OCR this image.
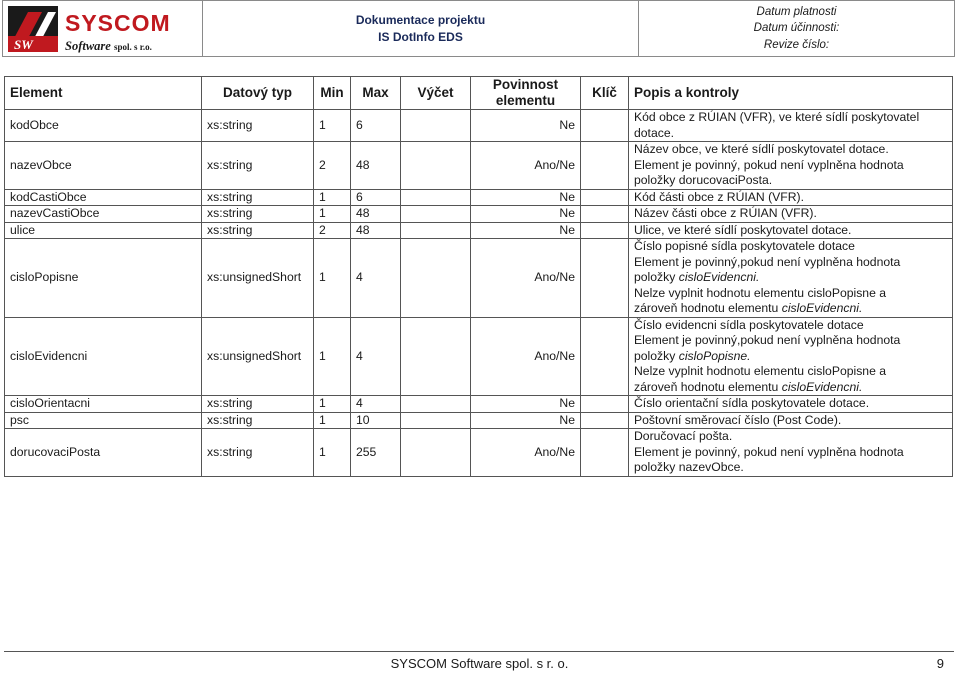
SW
SYSCOM
Software spol. s r.o.
Dokumentace projektu
IS DotInfo EDS
Datum platnosti
Datum účinnosti:
Revize číslo:
Element	Datový typ	Min	Max	Výčet	Povinnost elementu	Klíč	Popis a kontroly
kodObce	xs:string	1	6		Ne		Kód obce z RÚIAN (VFR), ve které sídlí poskytovatel
dotace.

nazevObce	xs:string	2	48		Ano/Ne		Název obce, ve které sídlí poskytovatel dotace.
Element je povinný, pokud není vyplněna hodnota
položky dorucovaciPosta.

kodCastiObce	xs:string	1	6		Ne		Kód části obce z RÚIAN (VFR).

nazevCastiObce	xs:string	1	48		Ne		Název části obce z RÚIAN (VFR).

ulice	xs:string	2	48		Ne		Ulice, ve které sídlí poskytovatel dotace.

cisloPopisne	xs:unsignedShort	1	4		Ano/Ne		Číslo popisné sídla poskytovatele dotace
Element je povinný,pokud není vyplněna hodnota
položky cisloEvidencni.
Nelze vyplnit hodnotu elementu cisloPopisne a
zároveň hodnotu elementu cisloEvidencni.

cisloEvidencni	xs:unsignedShort	1	4		Ano/Ne		Číslo evidencni sídla poskytovatele dotace
Element je povinný,pokud není vyplněna hodnota
položky cisloPopisne.
Nelze vyplnit hodnotu elementu cisloPopisne a
zároveň hodnotu elementu cisloEvidencni.

cisloOrientacni	xs:string	1	4		Ne		Číslo orientační sídla poskytovatele dotace.

psc	xs:string	1	10		Ne		Poštovní směrovací číslo (Post Code).

dorucovaciPosta	xs:string	1	255		Ano/Ne		Doručovací pošta.
Element je povinný, pokud není vyplněna hodnota
položky nazevObce.
SYSCOM Software spol. s r. o.	9
